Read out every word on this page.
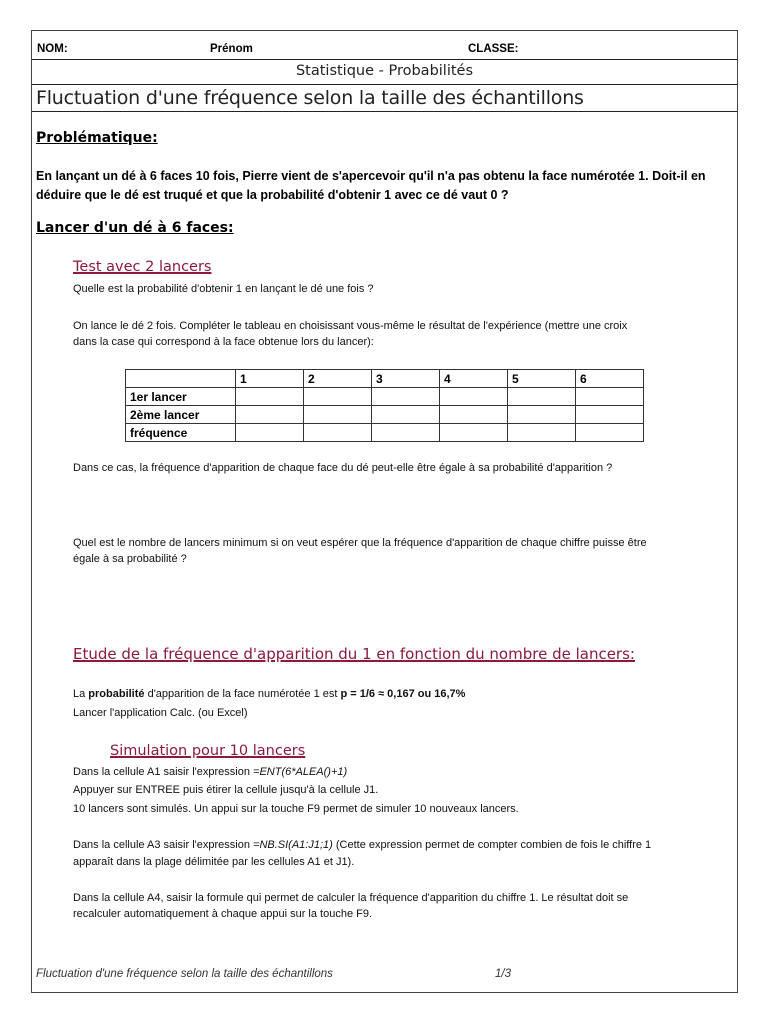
NOM:	Prénom	CLASSE:
Statistique - Probabilités
Fluctuation d'une fréquence selon la taille des échantillons
Problématique:
En lançant un dé à 6 faces 10 fois, Pierre vient de s'apercevoir qu'il n'a pas obtenu la face numérotée 1. Doit-il en
déduire que le dé est truqué et que la probabilité d'obtenir 1 avec ce dé vaut 0 ?
Lancer d'un dé à 6 faces:
Test avec 2 lancers
Quelle est la probabilité d'obtenir 1 en lançant le dé une fois ?
On lance le dé 2 fois. Compléter le tableau en choisissant vous-même le résultat de l'expérience (mettre une croix
dans la case qui correspond à la face obtenue lors du lancer):
	1	2	3	4	5	6
1er lancer						
2ème lancer						
fréquence						
Dans ce cas, la fréquence d'apparition de chaque face du dé peut-elle être égale à sa probabilité d'apparition ?
Quel est le nombre de lancers minimum si on veut espérer que la fréquence d'apparition de chaque chiffre puisse être
égale à sa probabilité ?
Etude de la fréquence d'apparition du 1 en fonction du nombre de lancers:
La probabilité d'apparition de la face numérotée 1 est p = 1/6 ≈ 0,167 ou 16,7%
Lancer l'application Calc. (ou Excel)
Simulation pour 10 lancers
Dans la cellule A1 saisir l'expression =ENT(6*ALEA()+1)
Appuyer sur ENTREE puis étirer la cellule jusqu'à la cellule J1.
10 lancers sont simulés. Un appui sur la touche F9 permet de simuler 10 nouveaux lancers.
Dans la cellule A3 saisir l'expression =NB.SI(A1:J1;1) (Cette expression permet de compter combien de fois le chiffre 1
apparaît dans la plage délimitée par les cellules A1 et J1).
Dans la cellule A4, saisir la formule qui permet de calculer la fréquence d'apparition du chiffre 1. Le résultat doit se
recalculer automatiquement à chaque appui sur la touche F9.
Fluctuation d'une fréquence selon la taille des échantillons	1/3
